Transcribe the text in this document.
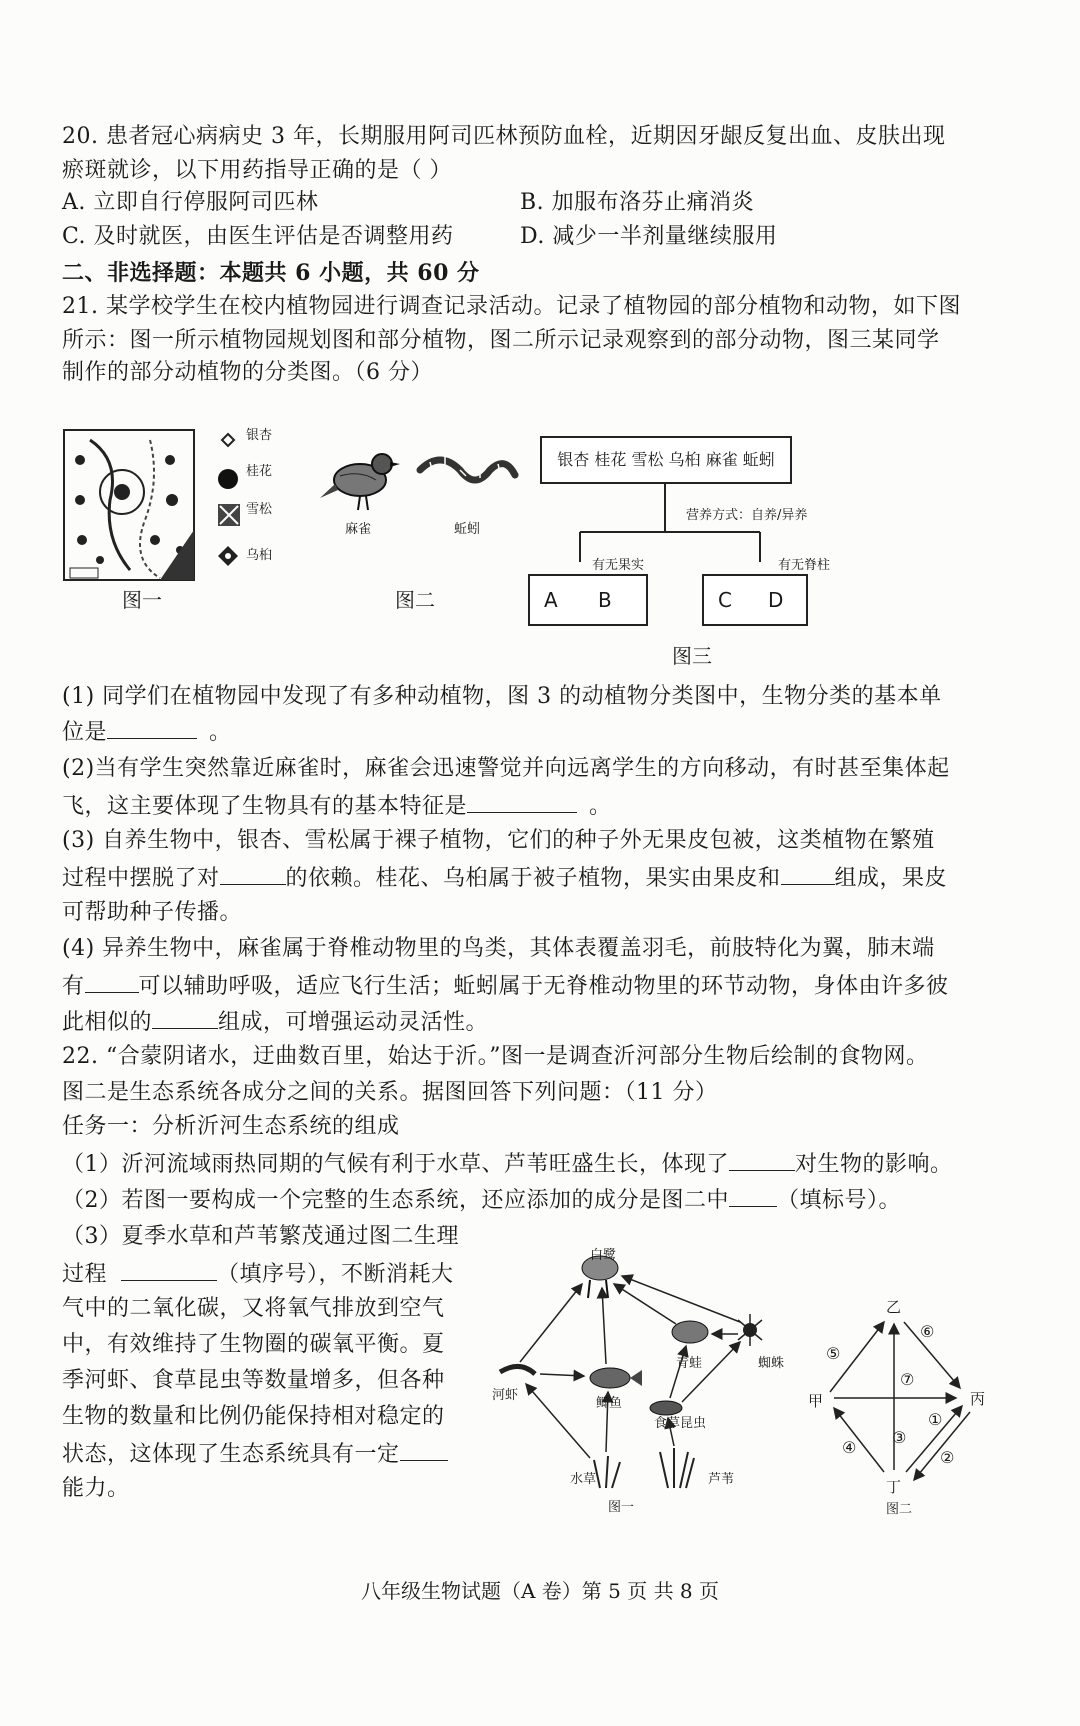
20. 患者冠心病病史 3 年，长期服用阿司匹林预防血栓，近期因牙龈反复出血、皮肤出现
瘀斑就诊，以下用药指导正确的是（ ）
A. 立即自行停服阿司匹林	B. 加服布洛芬止痛消炎
C. 及时就医，由医生评估是否调整用药	D. 减少一半剂量继续服用
二、非选择题：本题共 6 小题，共 60 分
21. 某学校学生在校内植物园进行调查记录活动。记录了植物园的部分植物和动物，如下图
所示：图一所示植物园规划图和部分植物，图二所示记录观察到的部分动物，图三某同学
制作的部分动植物的分类图。（6 分）
银杏
桂花
雪松
乌桕
图一
麻雀	蚯蚓
图二
银杏 桂花 雪松 乌桕 麻雀 蚯蚓
营养方式：自养/异养
有无果实	有无脊柱
A B	C D
图三
(1) 同学们在植物园中发现了有多种动植物，图 3 的动植物分类图中，生物分类的基本单
位是	。
(2)当有学生突然靠近麻雀时，麻雀会迅速警觉并向远离学生的方向移动，有时甚至集体起
飞，这主要体现了生物具有的基本特征是	。
(3) 自养生物中，银杏、雪松属于裸子植物，它们的种子外无果皮包被，这类植物在繁殖
过程中摆脱了对	的依赖。桂花、乌桕属于被子植物，果实由果皮和 组成，果皮
可帮助种子传播。
(4) 异养生物中，麻雀属于脊椎动物里的鸟类，其体表覆盖羽毛，前肢特化为翼，肺末端
有 可以辅助呼吸，适应飞行生活；蚯蚓属于无脊椎动物里的环节动物，身体由许多彼
此相似的	组成，可增强运动灵活性。
22. “合蒙阴诸水，迂曲数百里，始达于沂。”图一是调查沂河部分生物后绘制的食物网。
图二是生态系统各成分之间的关系。据图回答下列问题：（11 分）
任务一：分析沂河生态系统的组成
（1）沂河流域雨热同期的气候有利于水草、芦苇旺盛生长，体现了	对生物的影响。
（2）若图一要构成一个完整的生态系统，还应添加的成分是图二中 （填标号）。
（3）夏季水草和芦苇繁茂通过图二生理
过程	（填序号），不断消耗大
气中的二氧化碳，又将氧气排放到空气
中，有效维持了生物圈的碳氧平衡。夏
季河虾、食草昆虫等数量增多，但各种
生物的数量和比例仍能保持相对稳定的
状态，这体现了生态系统具有一定
能力。
白鹭
河虾
鲫鱼
青蛙	蜘蛛
食草昆虫
水草	芦苇
图一
乙
甲	丙
丁
①
②
③
④
⑤
⑥
⑦
图二
八年级生物试题（A 卷）第 5 页 共 8 页
